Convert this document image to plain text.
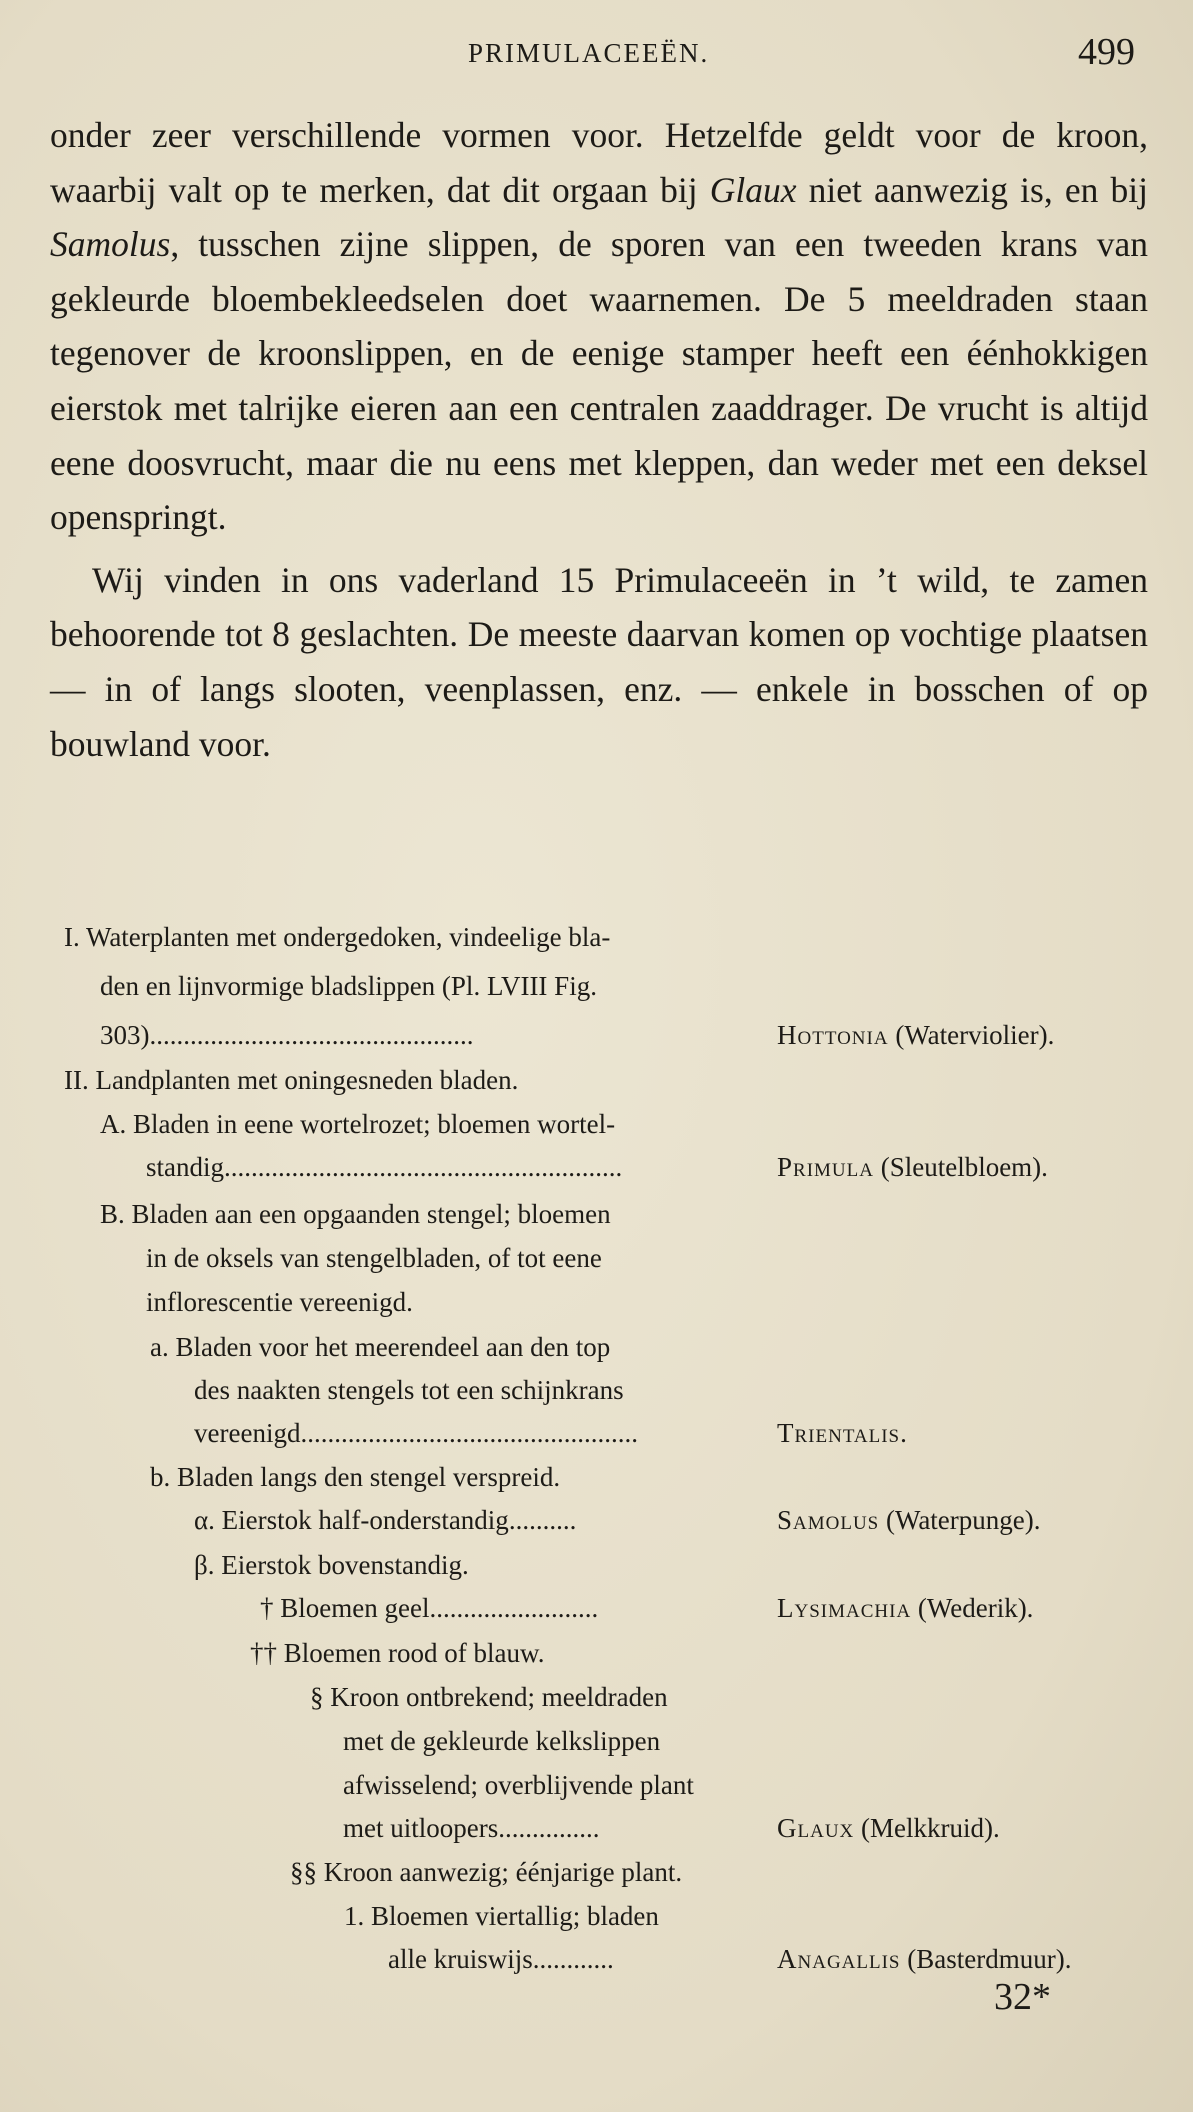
PRIMULACEEËN.	499

onder zeer verschillende vormen voor. Hetzelfde geldt voor de kroon, waarbij valt op te merken, dat dit orgaan bij Glaux niet aanwezig is, en bij Samolus, tusschen zijne slippen, de sporen van een tweeden krans van gekleurde bloembekleedselen doet waarnemen. De 5 meeldraden staan tegenover de kroonslippen, en de eenige stamper heeft een éénhokkigen eierstok met talrijke eieren aan een centralen zaaddrager. De vrucht is altijd eene doosvrucht, maar die nu eens met kleppen, dan weder met een deksel openspringt.

Wij vinden in ons vaderland 15 Primulaceeën in ’t wild, te zamen behoorende tot 8 geslachten. De meeste daarvan komen op vochtige plaatsen — in of langs slooten, veenplassen, enz. — enkele in bosschen of op bouwland voor.

I. Waterplanten met ondergedoken, vindeelige bla-
den en lijnvormige bladslippen (Pl. LVIII Fig.
303)................................................	Hottonia (Waterviolier).
II. Landplanten met oningesneden bladen.
A. Bladen in eene wortelrozet; bloemen wortel-
standig...........................................................	Primula (Sleutelbloem).
B. Bladen aan een opgaanden stengel; bloemen
in de oksels van stengelbladen, of tot eene
inflorescentie vereenigd.
a. Bladen voor het meerendeel aan den top
des naakten stengels tot een schijnkrans
vereenigd..................................................	Trientalis.
b. Bladen langs den stengel verspreid.
α. Eierstok half-onderstandig..........	Samolus (Waterpunge).
β. Eierstok bovenstandig.
† Bloemen geel.........................	Lysimachia (Wederik).
†† Bloemen rood of blauw.
§ Kroon ontbrekend; meeldraden
met de gekleurde kelkslippen
afwisselend; overblijvende plant
met uitloopers...............	Glaux (Melkkruid).
§§ Kroon aanwezig; éénjarige plant.
1. Bloemen viertallig; bladen
alle kruiswijs............	Anagallis (Basterdmuur).
32*
